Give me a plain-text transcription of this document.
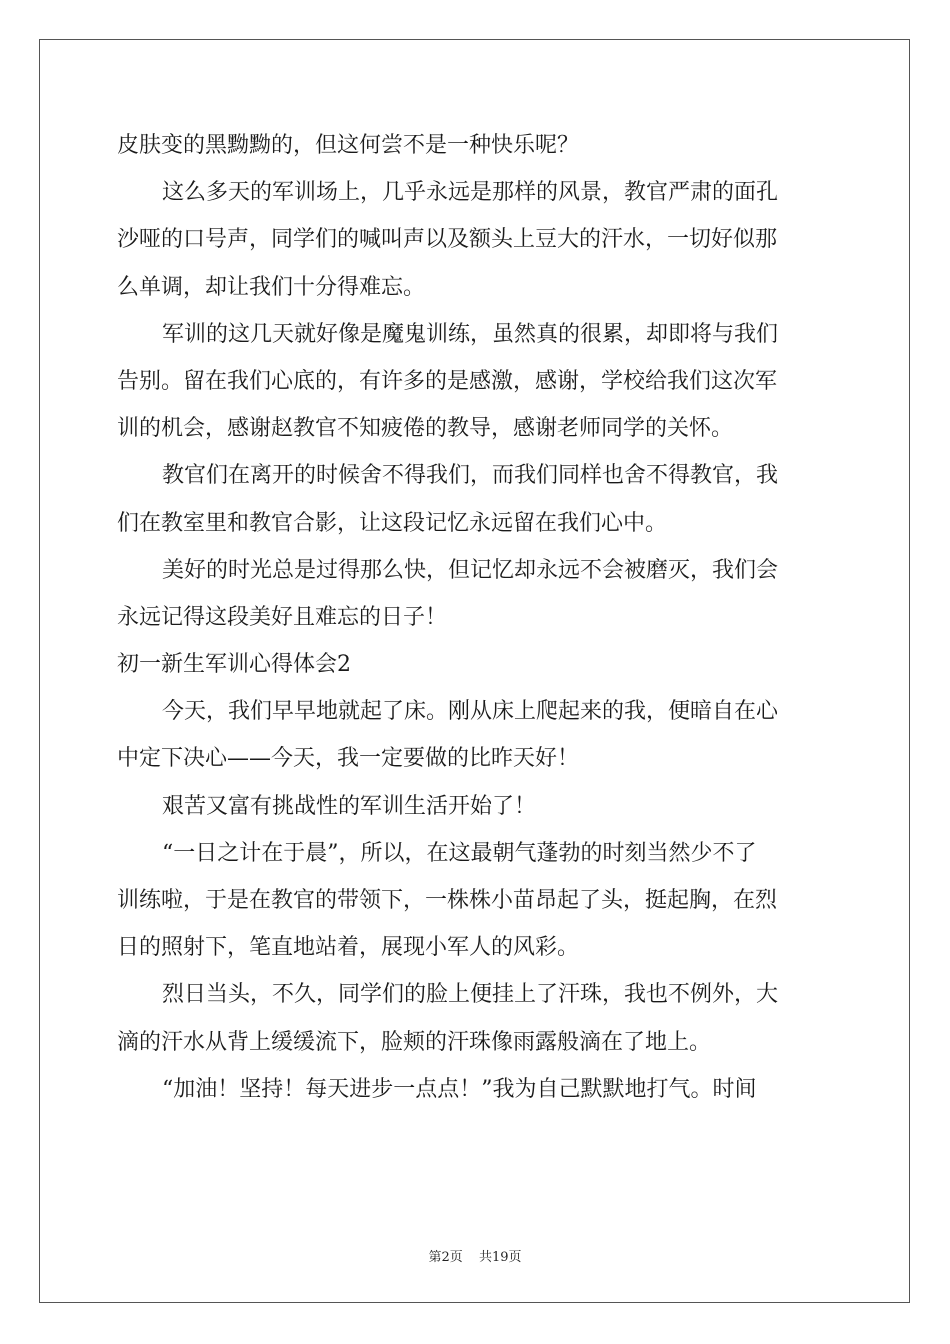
皮肤变的黑黝黝的，但这何尝不是一种快乐呢？
这么多天的军训场上，几乎永远是那样的风景，教官严肃的面孔
沙哑的口号声，同学们的喊叫声以及额头上豆大的汗水，一切好似那
么单调，却让我们十分得难忘。
军训的这几天就好像是魔鬼训练，虽然真的很累，却即将与我们
告别。留在我们心底的，有许多的是感激，感谢，学校给我们这次军
训的机会，感谢赵教官不知疲倦的教导，感谢老师同学的关怀。
教官们在离开的时候舍不得我们，而我们同样也舍不得教官，我
们在教室里和教官合影，让这段记忆永远留在我们心中。
美好的时光总是过得那么快，但记忆却永远不会被磨灭，我们会
永远记得这段美好且难忘的日子！
初一新生军训心得体会2
今天，我们早早地就起了床。刚从床上爬起来的我，便暗自在心
中定下决心——今天，我一定要做的比昨天好！
艰苦又富有挑战性的军训生活开始了！
“一日之计在于晨”，所以，在这最朝气蓬勃的时刻当然少不了
训练啦，于是在教官的带领下，一株株小苗昂起了头，挺起胸，在烈
日的照射下，笔直地站着，展现小军人的风彩。
烈日当头，不久，同学们的脸上便挂上了汗珠，我也不例外，大
滴的汗水从背上缓缓流下，脸颊的汗珠像雨露般滴在了地上。
“加油！坚持！每天进步一点点！”我为自己默默地打气。时间
第2页 共19页
